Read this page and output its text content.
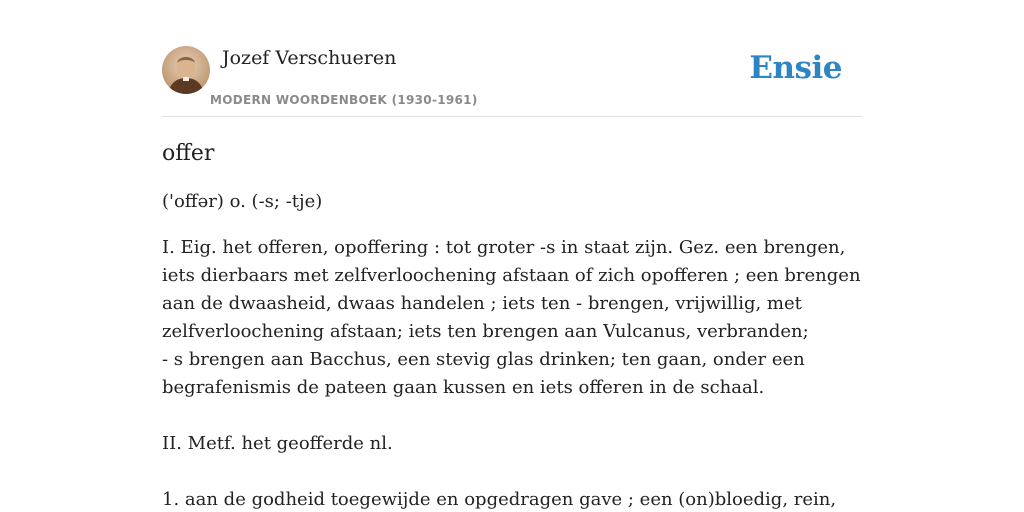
Jozef Verschueren
MODERN WOORDENBOEK (1930-1961)
Ensie
offer
('offər) o. (-s; -tje)

I. Eig. het offeren, opoffering : tot groter -s in staat zijn. Gez. een brengen, iets dierbaars met zelfverloochening afstaan of zich opofferen ; een brengen aan de dwaasheid, dwaas handelen ; iets ten - brengen, vrijwillig, met zelfverloochening afstaan; iets ten brengen aan Vulcanus, verbranden;

- s brengen aan Bacchus, een stevig glas drinken; ten gaan, onder een begrafenismis de pateen gaan kussen en iets offeren in de schaal.

II. Metf. het geofferde nl.

1. aan de godheid toegewijde en opgedragen gave ; een (on)bloedig, rein,
